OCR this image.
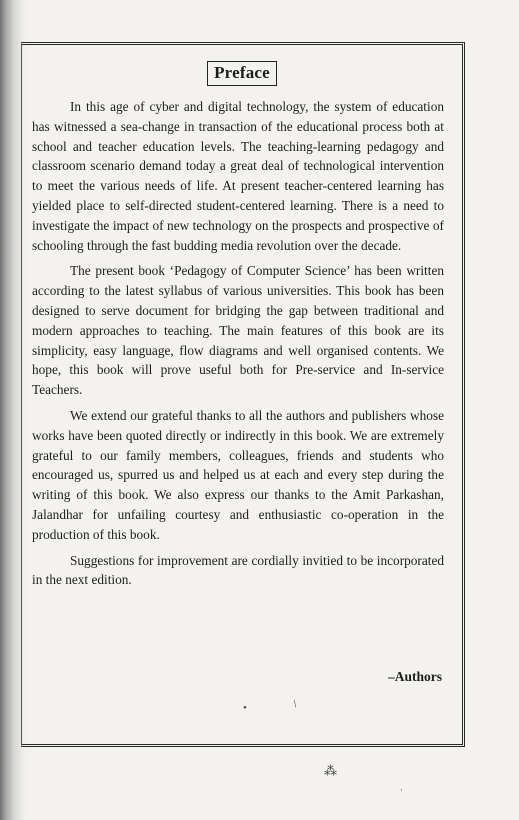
Preface

In this age of cyber and digital technology, the system of education has witnessed a sea-change in transaction of the educational process both at school and teacher education levels. The teaching-learning pedagogy and classroom scenario demand today a great deal of technological intervention to meet the various needs of life. At present teacher-centered learning has yielded place to self-directed student-centered learning. There is a need to investigate the impact of new technology on the prospects and prospective of schooling through the fast budding media revolution over the decade.

The present book ‘Pedagogy of Computer Science’ has been written according to the latest syllabus of various universities. This book has been designed to serve document for bridging the gap between traditional and modern approaches to teaching. The main features of this book are its simplicity, easy language, flow diagrams and well organised contents. We hope, this book will prove useful both for Pre-service and In-service Teachers.

We extend our grateful thanks to all the authors and publishers whose works have been quoted directly or indirectly in this book. We are extremely grateful to our family members, colleagues, friends and students who encouraged us, spurred us and helped us at each and every step during the writing of this book. We also express our thanks to the Amit Parkashan, Jalandhar for unfailing courtesy and enthusiastic co-operation in the production of this book.

Suggestions for improvement are cordially invitied to be incorporated in the next edition.

–Authors
•	/
⁂
·
